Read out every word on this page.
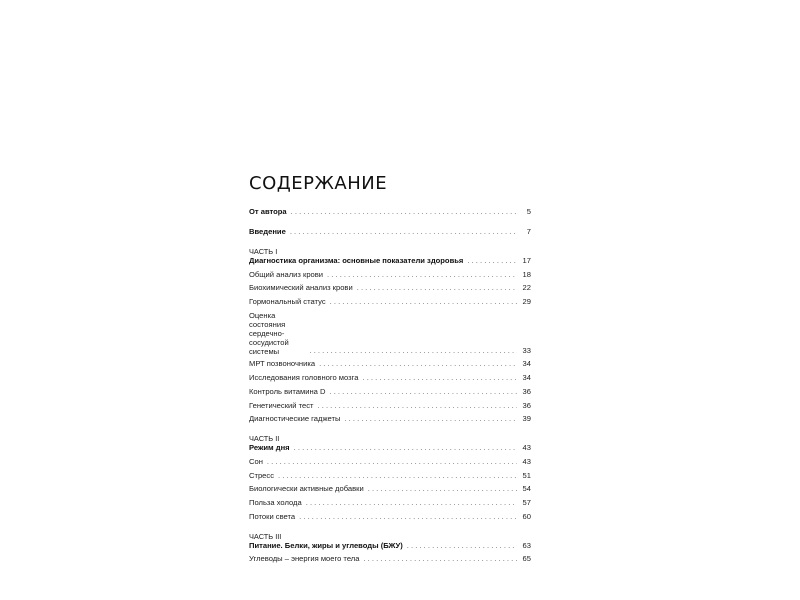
СОДЕРЖАНИЕ
От автора . . .	5
Введение . . .	7
ЧАСТЬ I
Диагностика организма: основные показатели здоровья . . .	17
Общий анализ крови . . .	18
Биохимический анализ крови . . .	22
Гормональный статус . . .	29
Оценка состояния
сердечно-сосудистой системы . . .	33
МРТ позвоночника . . .	34
Исследования головного мозга . . .	34
Контроль витамина D . . .	36
Генетический тест . . .	36
Диагностические гаджеты . . .	39
ЧАСТЬ II
Режим дня . . .	43
Сон . . .	43
Стресс . . .	51
Биологически активные добавки . . .	54
Польза холода . . .	57
Потоки света . . .	60
ЧАСТЬ III
Питание. Белки, жиры и углеводы (БЖУ) . . .	63
Углеводы – энергия моего тела . . .	65
